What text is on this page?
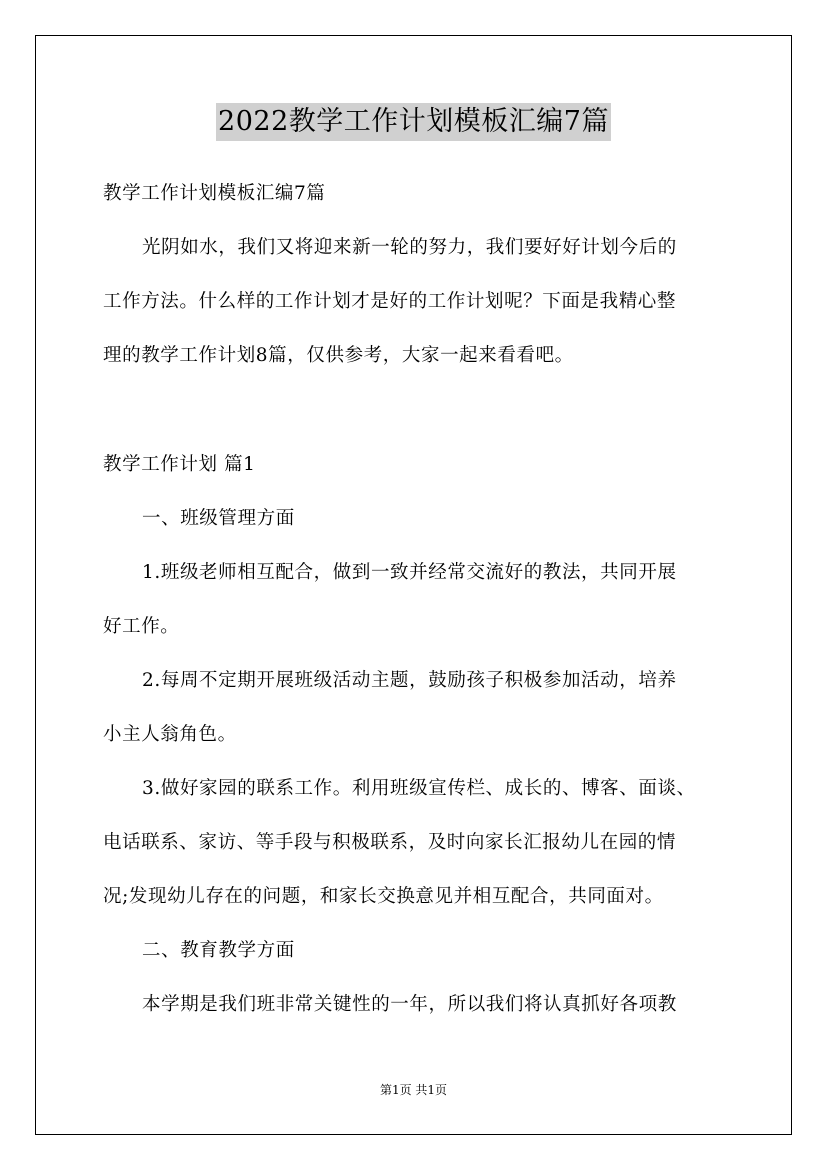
2022教学工作计划模板汇编7篇
教学工作计划模板汇编7篇
光阴如水，我们又将迎来新一轮的努力，我们要好好计划今后的
工作方法。什么样的工作计划才是好的工作计划呢？下面是我精心整
理的教学工作计划8篇，仅供参考，大家一起来看看吧。
教学工作计划 篇1
一、班级管理方面
1.班级老师相互配合，做到一致并经常交流好的教法，共同开展
好工作。
2.每周不定期开展班级活动主题，鼓励孩子积极参加活动，培养
小主人翁角色。
3.做好家园的联系工作。利用班级宣传栏、成长的、博客、面谈、
电话联系、家访、等手段与积极联系，及时向家长汇报幼儿在园的情
况;发现幼儿存在的问题，和家长交换意见并相互配合，共同面对。
二、教育教学方面
本学期是我们班非常关键性的一年，所以我们将认真抓好各项教
第1页 共1页
